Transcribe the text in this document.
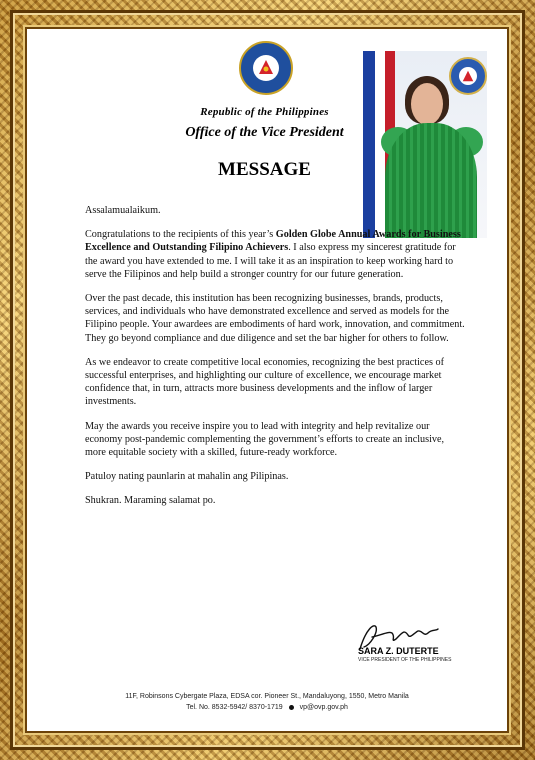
Republic of the Philippines
Office of the Vice President
MESSAGE

Assalamualaikum.

Congratulations to the recipients of this year’s Golden Globe Annual Awards for Business Excellence and Outstanding Filipino Achievers. I also express my sincerest gratitude for the award you have extended to me. I will take it as an inspiration to keep working hard to serve the Filipinos and help build a stronger country for our future generation.

Over the past decade, this institution has been recognizing businesses, brands, products, services, and individuals who have demonstrated excellence and served as models for the Filipino people. Your awardees are embodiments of hard work, innovation, and commitment. They go beyond compliance and due diligence and set the bar higher for others to follow.

As we endeavor to create competitive local economies, recognizing the best practices of successful enterprises, and highlighting our culture of excellence, we encourage market confidence that, in turn, attracts more business developments and the inflow of larger investments.

May the awards you receive inspire you to lead with integrity and help revitalize our economy post-pandemic complementing the government’s efforts to create an inclusive, more equitable society with a skilled, future-ready workforce.

Patuloy nating paunlarin at mahalin ang Pilipinas.

Shukran. Maraming salamat po.

SARA Z. DUTERTE
VICE PRESIDENT OF THE PHILIPPINES
11F, Robinsons Cybergate Plaza, EDSA cor. Pioneer St., Mandaluyong, 1550, Metro Manila
Tel. No. 8532-5942/ 8370-1719 vp@ovp.gov.ph
